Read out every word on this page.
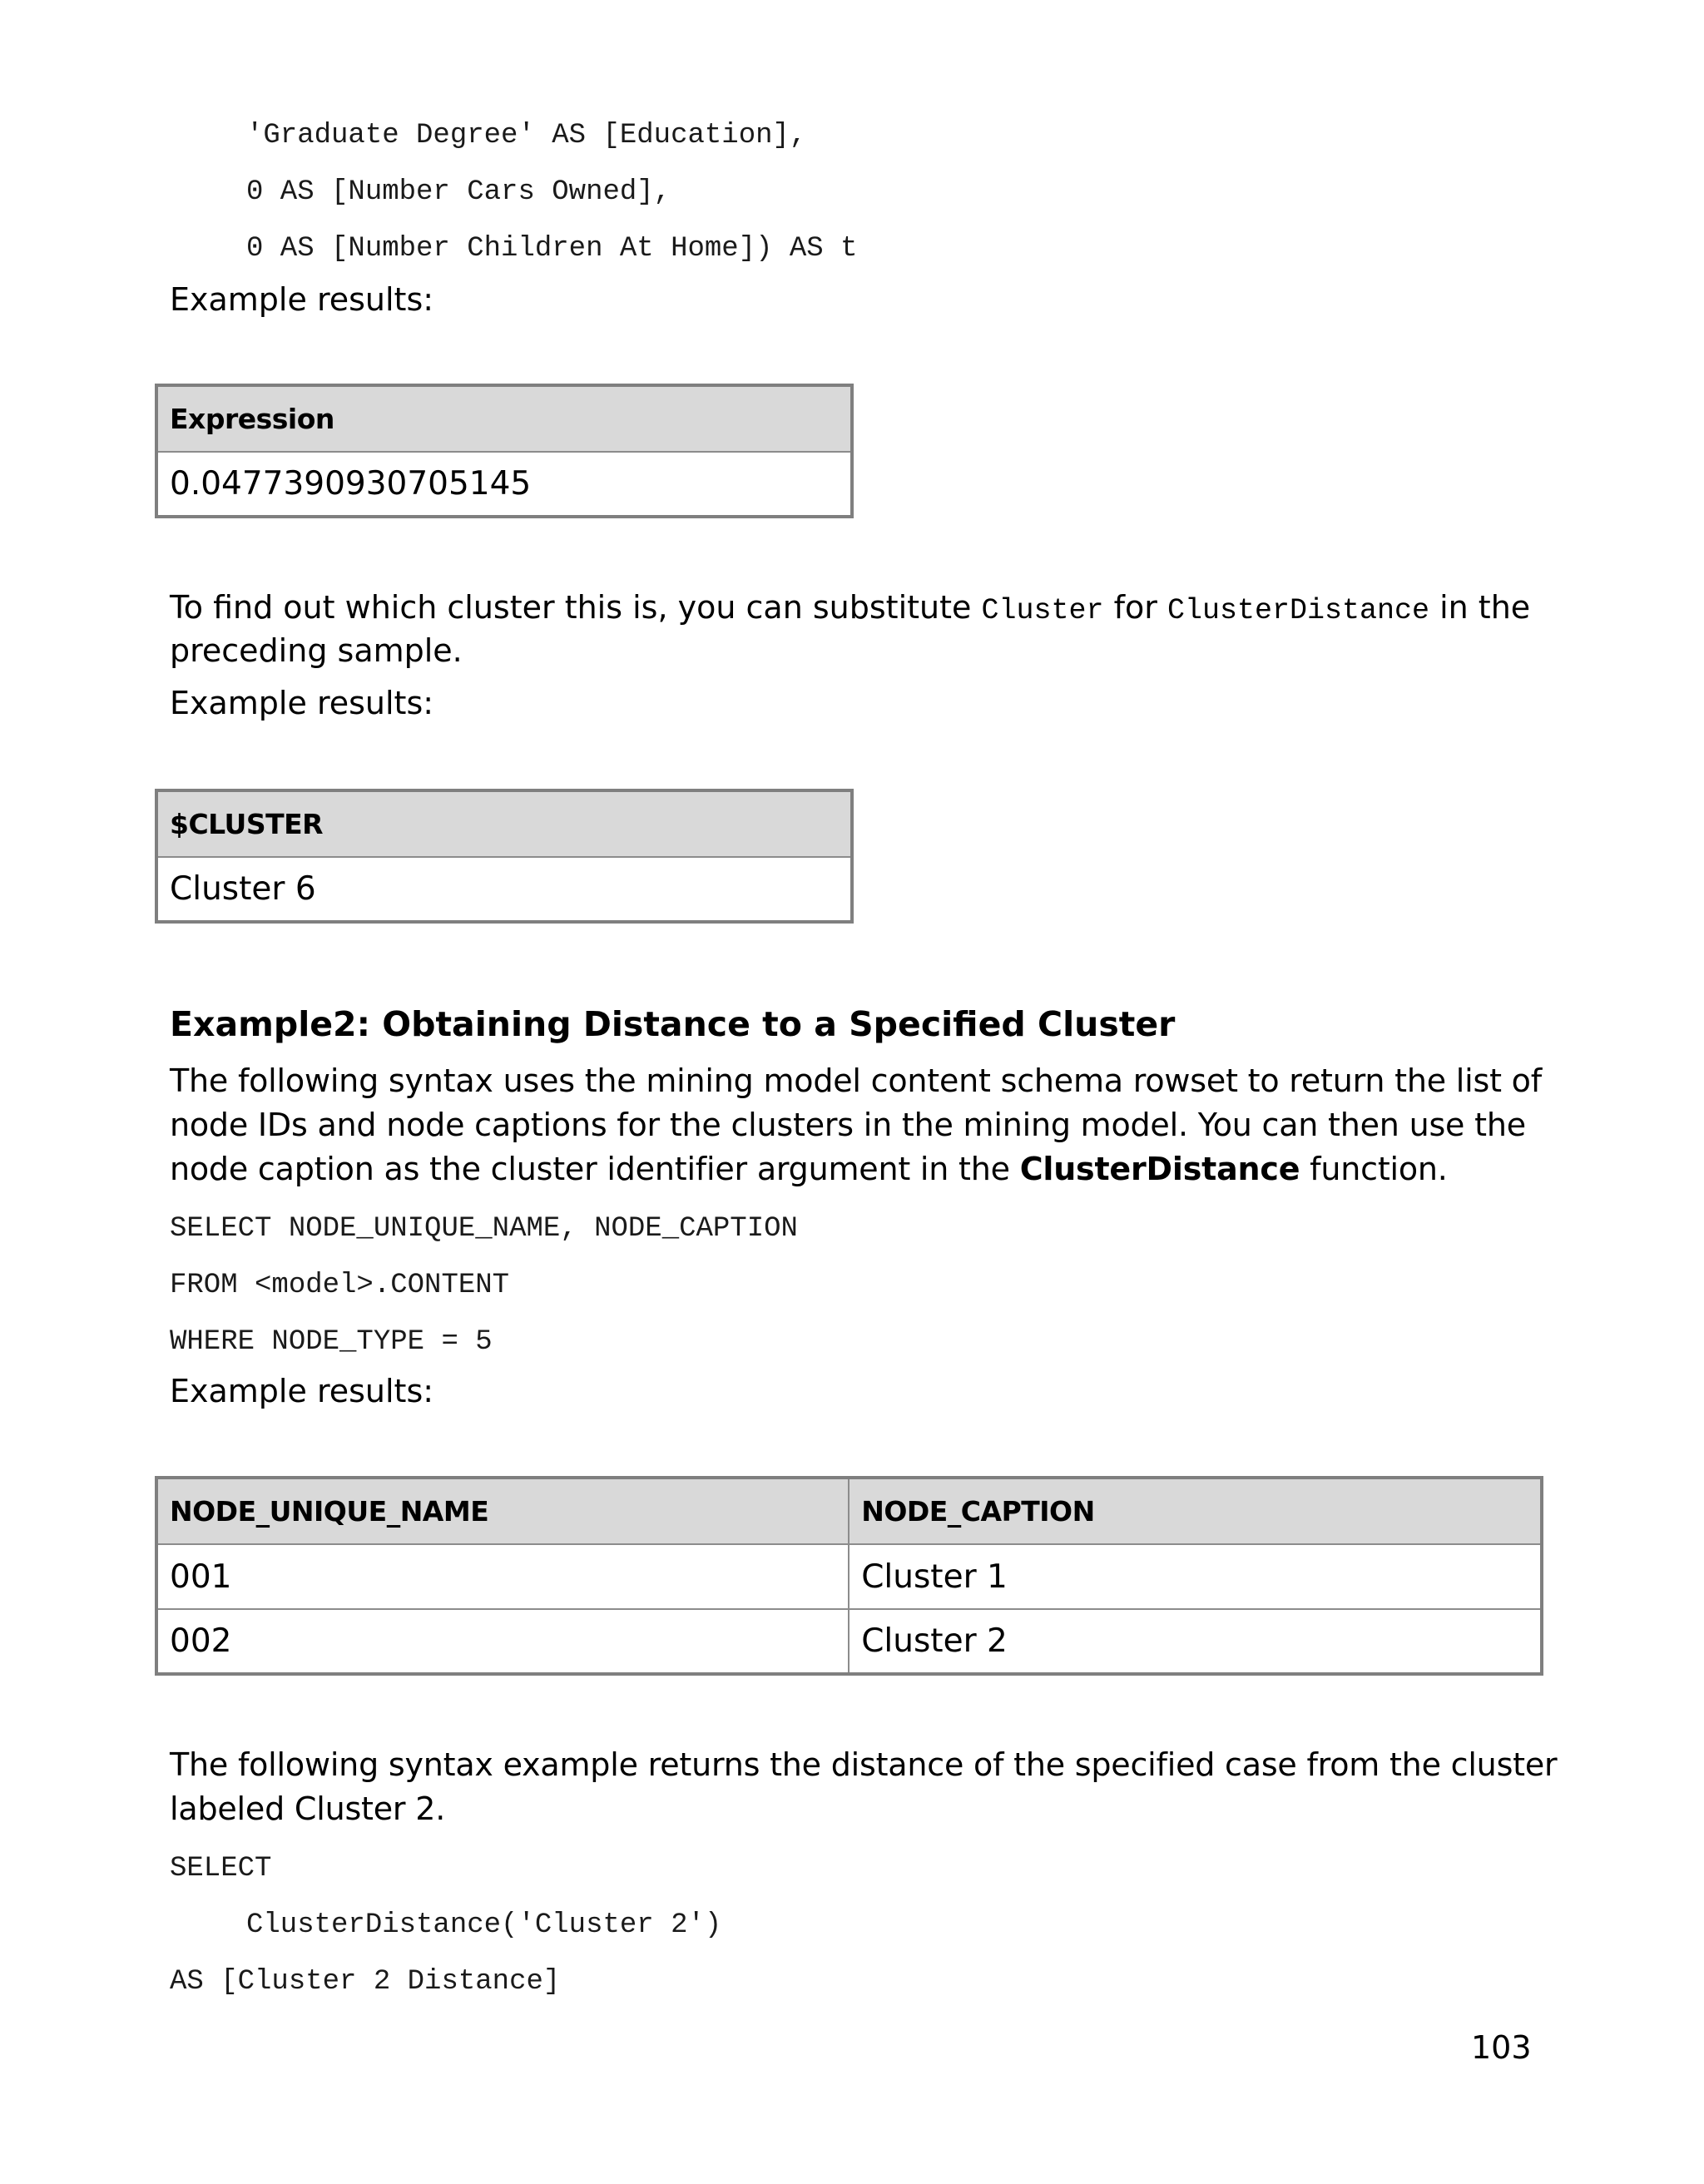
'Graduate Degree' AS [Education],
0 AS [Number Cars Owned],
0 AS [Number Children At Home]) AS t

Example results:

Expression
0.0477390930705145

To find out which cluster this is, you can substitute Cluster for ClusterDistance in the

preceding sample.

Example results:

$CLUSTER
Cluster 6
Example2: Obtaining Distance to a Specified Cluster

The following syntax uses the mining model content schema rowset to return the list of

node IDs and node captions for the clusters in the mining model. You can then use the

node caption as the cluster identifier argument in the ClusterDistance function.

SELECT NODE_UNIQUE_NAME, NODE_CAPTION
FROM <model>.CONTENT
WHERE NODE_TYPE = 5

Example results:

NODE_UNIQUE_NAME	NODE_CAPTION
001	Cluster 1
002	Cluster 2

The following syntax example returns the distance of the specified case from the cluster

labeled Cluster 2.

SELECT
ClusterDistance('Cluster 2')
AS [Cluster 2 Distance]

103
